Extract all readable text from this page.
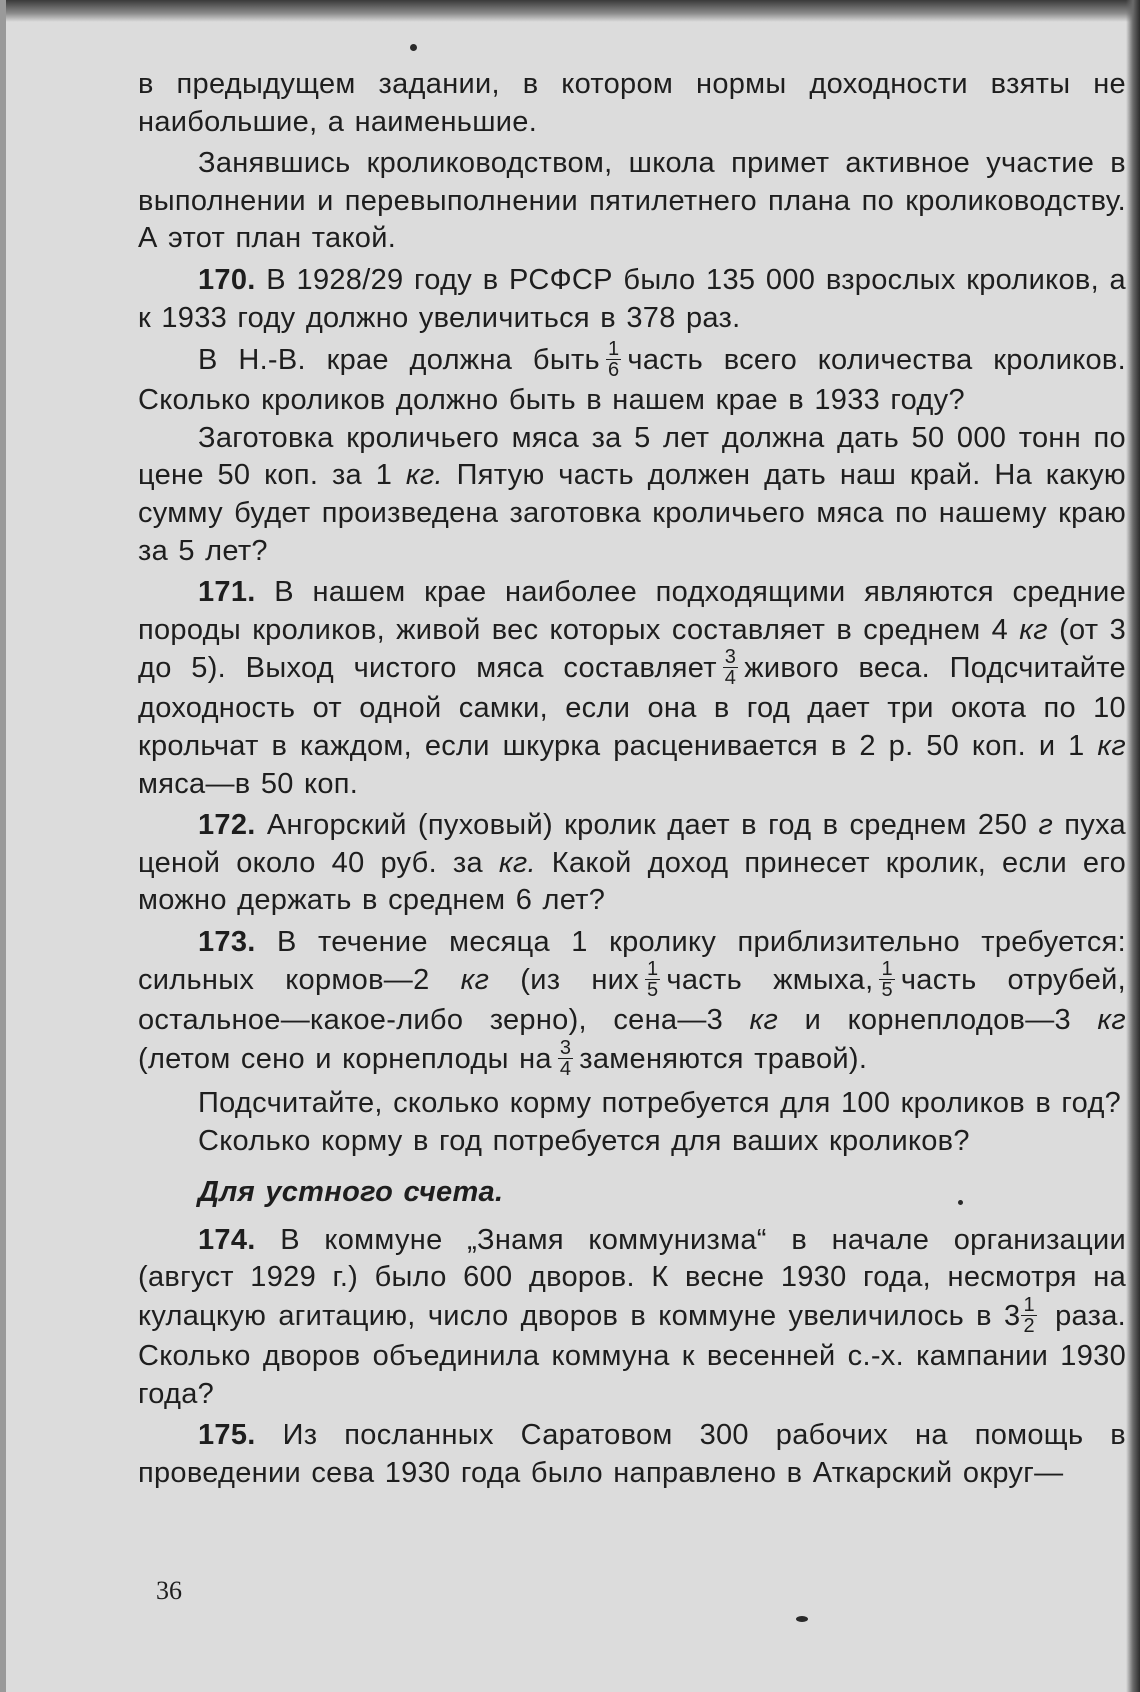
в предыдущем задании, в котором нормы доходности взяты не наибольшие, а наименьшие.

Занявшись кролиководством, школа примет активное участие в выполнении и перевыполнении пятилетнего плана по кролиководству. А этот план такой.

170. В 1928/29 году в РСФСР было 135 000 взрослых кроликов, а к 1933 году должно увеличиться в 378 раз.

В Н.-В. крае должна быть $\frac{1}{6}$ часть всего количества кроликов. Сколько кроликов должно быть в нашем крае в 1933 году?

Заготовка кроличьего мяса за 5 лет должна дать 50 000 тонн по цене 50 коп. за 1 кг. Пятую часть должен дать наш край. На какую сумму будет произведена заготовка кроличьего мяса по нашему краю за 5 лет?

171. В нашем крае наиболее подходящими являются средние породы кроликов, живой вес которых составляет в среднем 4 кг (от 3 до 5). Выход чистого мяса составляет $\frac{3}{4}$ живого веса. Подсчитайте доходность от одной самки, если она в год дает три окота по 10 крольчат в каждом, если шкурка расценивается в 2 р. 50 коп. и 1 кг мяса—в 50 коп.

172. Ангорский (пуховый) кролик дает в год в среднем 250 г пуха ценой около 40 руб. за кг. Какой доход принесет кролик, если его можно держать в среднем 6 лет?

173. В течение месяца 1 кролику приблизительно требуется: сильных кормов—2 кг (из них $\frac{1}{5}$ часть жмыха, $\frac{1}{5}$ часть отрубей, остальное—какое-либо зерно), сена—3 кг и корнеплодов—3 кг (летом сено и корнеплоды на $\frac{3}{4}$ заменяются травой).

Подсчитайте, сколько корму потребуется для 100 кроликов в год?

Сколько корму в год потребуется для ваших кроликов?

Для устного счета.

174. В коммуне „Знамя коммунизма“ в начале организации (август 1929 г.) было 600 дворов. К весне 1930 года, несмотря на кулацкую агитацию, число дворов в коммуне увеличилось в $3 \frac{1}{2}$ раза. Сколько дворов объединила коммуна к весенней с.-х. кампании 1930 года?

175. Из посланных Саратовом 300 рабочих на помощь в проведении сева 1930 года было направлено в Аткарский округ—

36
